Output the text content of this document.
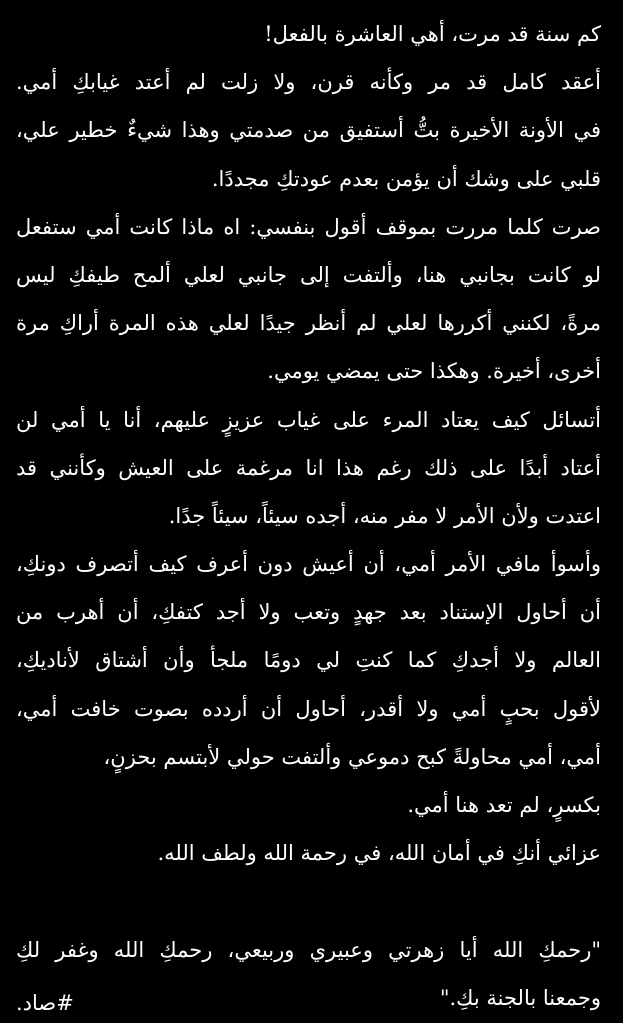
كم سنة قد مرت، أهي العاشرة بالفعل!
أعقد كامل قد مر وكأنه قرن، ولا زلت لم أعتد غيابكِ أمي.
في الأونة الأخيرة بتُّ أستفيق من صدمتي وهذا شيءٌ خطير علي،
قلبي على وشك أن يؤمن بعدم عودتكِ مجددًا.
صرت كلما مررت بموقف أقول بنفسي: اه ماذا كانت أمي ستفعل
لو كانت بجانبي هنا، وألتفت إلى جانبي لعلي ألمح طيفكِ ليس
مرةً، لكنني أكررها لعلي لم أنظر جيدًا لعلي هذه المرة أراكِ مرة
أخرى، أخيرة. وهكذا حتى يمضي يومي.
أتسائل كيف يعتاد المرء على غياب عزيزٍ عليهم، أنا يا أمي لن
أعتاد أبدًا على ذلك رغم هذا انا مرغمة على العيش وكأنني قد
اعتدت ولأن الأمر لا مفر منه، أجده سيئاً، سيئاً جدًا.
وأسوأ مافي الأمر أمي، أن أعيش دون أعرف كيف أتصرف دونكِ،
أن أحاول الإستناد بعد جهدٍ وتعب ولا أجد كتفكِ، أن أهرب من
العالم ولا أجدكِ كما كنتِ لي دومًا ملجأ وأن أشتاق لأناديكِ،
لأقول بحبٍ أمي ولا أقدر، أحاول أن أردده بصوت خافت أمي،
أمي، أمي محاولةً كبح دموعي وألتفت حولي لأبتسم بحزنٍ،
بكسرٍ، لم تعد هنا أمي.
عزائي أنكِ في أمان الله، في رحمة الله ولطف الله.
"رحمكِ الله أيا زهرتي وعبيري وربيعي، رحمكِ الله وغفر لكِ
وجمعنا بالجنة بكِ."
#صاد.
